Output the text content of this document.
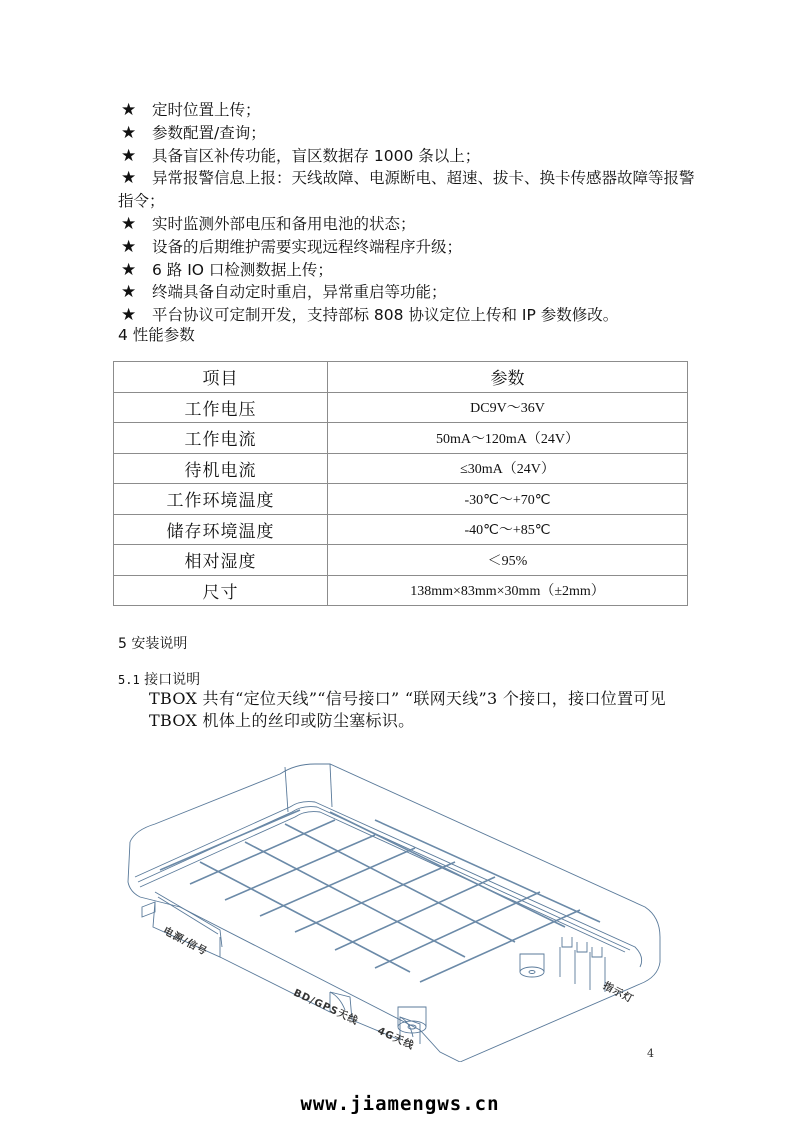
★ 定时位置上传；
★ 参数配置/查询；
★ 具备盲区补传功能，盲区数据存 1000 条以上；
★ 异常报警信息上报：天线故障、电源断电、超速、拔卡、换卡传感器故障等报警指令；
★ 实时监测外部电压和备用电池的状态；
★ 设备的后期维护需要实现远程终端程序升级；
★ 6 路 IO 口检测数据上传；
★ 终端具备自动定时重启，异常重启等功能；
★ 平台协议可定制开发，支持部标 808 协议定位上传和 IP 参数修改。
4 性能参数
项目	参数
工作电压	DC9V～36V
工作电流	50mA～120mA（24V）
待机电流	≤30mA（24V）
工作环境温度	-30℃～+70℃
储存环境温度	-40℃～+85℃
相对湿度	＜95%
尺寸	138mm×83mm×30mm（±2mm）
5 安装说明
5.1 接口说明
TBOX 共有“定位天线”“信号接口” “联网天线”3 个接口，接口位置可见 TBOX 机体上的丝印或防尘塞标识。
电源/信号
BD/GPS天线
4G天线
指示灯
4
www.jiamengws.cn
